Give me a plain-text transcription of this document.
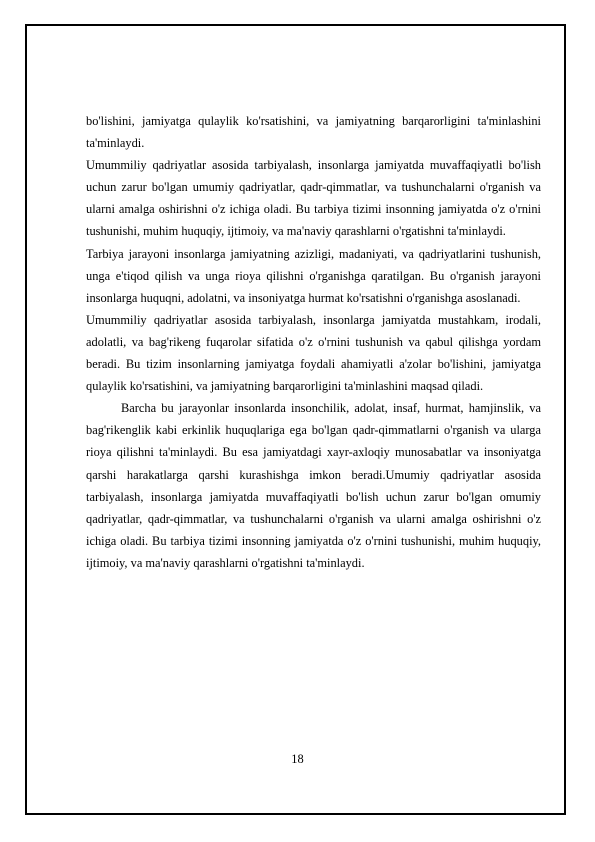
bo'lishini, jamiyatga qulaylik ko'rsatishini, va jamiyatning barqarorligini ta'minlashini ta'minlaydi.

Umummiliy qadriyatlar asosida tarbiyalash, insonlarga jamiyatda muvaffaqiyatli bo'lish uchun zarur bo'lgan umumiy qadriyatlar, qadr-qimmatlar, va tushunchalarni o'rganish va ularni amalga oshirishni o'z ichiga oladi. Bu tarbiya tizimi insonning jamiyatda o'z o'rnini tushunishi, muhim huquqiy, ijtimoiy, va ma'naviy qarashlarni o'rgatishni ta'minlaydi.

Tarbiya jarayoni insonlarga jamiyatning azizligi, madaniyati, va qadriyatlarini tushunish, unga e'tiqod qilish va unga rioya qilishni o'rganishga qaratilgan. Bu o'rganish jarayoni insonlarga huquqni, adolatni, va insoniyatga hurmat ko'rsatishni o'rganishga asoslanadi.

Umummiliy qadriyatlar asosida tarbiyalash, insonlarga jamiyatda mustahkam, irodali, adolatli, va bag'rikeng fuqarolar sifatida o'z o'rnini tushunish va qabul qilishga yordam beradi. Bu tizim insonlarning jamiyatga foydali ahamiyatli a'zolar bo'lishini, jamiyatga qulaylik ko'rsatishini, va jamiyatning barqarorligini ta'minlashini maqsad qiladi.

Barcha bu jarayonlar insonlarda insonchilik, adolat, insaf, hurmat, hamjinslik, va bag'rikenglik kabi erkinlik huquqlariga ega bo'lgan qadr-qimmatlarni o'rganish va ularga rioya qilishni ta'minlaydi. Bu esa jamiyatdagi xayr-axloqiy munosabatlar va insoniyatga qarshi harakatlarga qarshi kurashishga imkon beradi.Umumiy qadriyatlar asosida tarbiyalash, insonlarga jamiyatda muvaffaqiyatli bo'lish uchun zarur bo'lgan omumiy qadriyatlar, qadr-qimmatlar, va tushunchalarni o'rganish va ularni amalga oshirishni o'z ichiga oladi. Bu tarbiya tizimi insonning jamiyatda o'z o'rnini tushunishi, muhim huquqiy, ijtimoiy, va ma'naviy qarashlarni o'rgatishni ta'minlaydi.

18
